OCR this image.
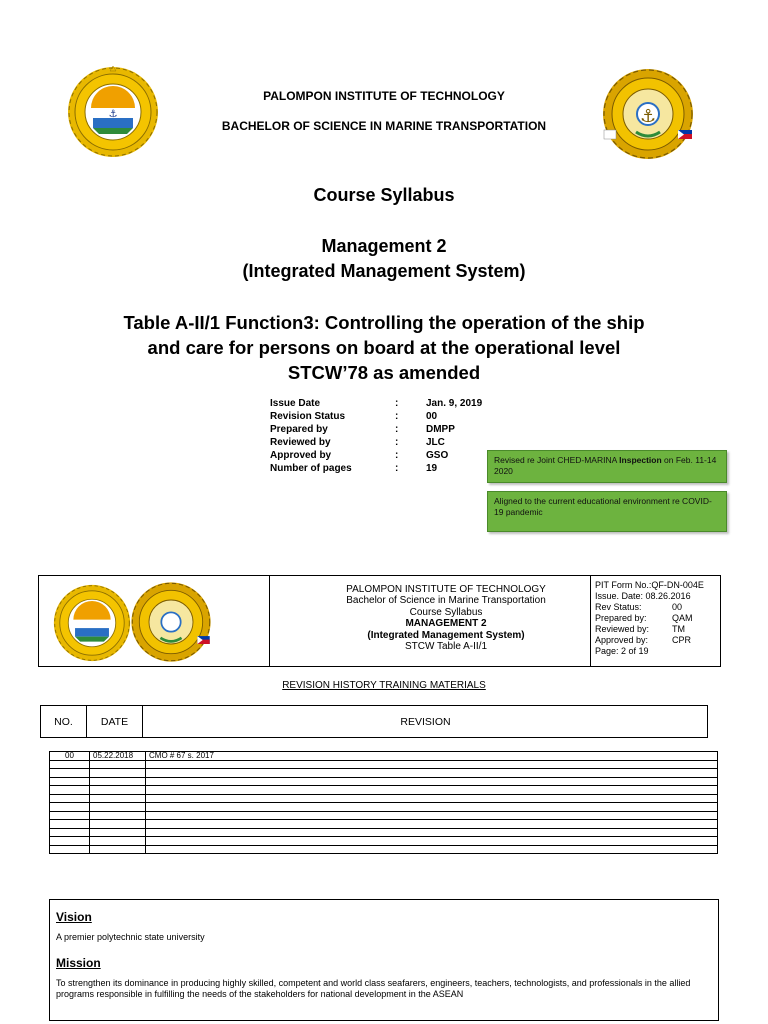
⚓	⚓
PALOMPON INSTITUTE OF TECHNOLOGY
BACHELOR OF SCIENCE IN MARINE TRANSPORTATION
Course Syllabus
Management 2
(Integrated Management System)
Table A-II/1 Function3: Controlling the operation of the ship
and care for persons on board at the operational level
STCW’78 as amended
Issue Date	:	Jan. 9, 2019
Revision Status	:	00
Prepared by	:	DMPP
Reviewed by	:	JLC
Approved by	:	GSO
Number of pages	:	19
Revised re Joint CHED-MARINA Inspection on Feb. 11-14 2020
Aligned to the current educational environment re COVID-19 pandemic
PALOMPON INSTITUTE OF TECHNOLOGY
Bachelor of Science in Marine Transportation
Course Syllabus
MANAGEMENT 2
(Integrated Management System)
STCW Table A-II/1
PIT Form No.:QF-DN-004E
Issue. Date: 08.26.2016
Rev Status:	00
Prepared by:	QAM
Reviewed by:	TM
Approved by:	CPR
Page: 2 of 19
REVISION HISTORY TRAINING MATERIALS
NO.	DATE	REVISION
00	05.22.2018	CMO # 67 s. 2017

Vision

A premier polytechnic state university

Mission

To strengthen its dominance in producing highly skilled, competent and world class seafarers, engineers, teachers, technologists, and professionals in the allied programs responsible in fulfilling the needs of the stakeholders for national development in the ASEAN
